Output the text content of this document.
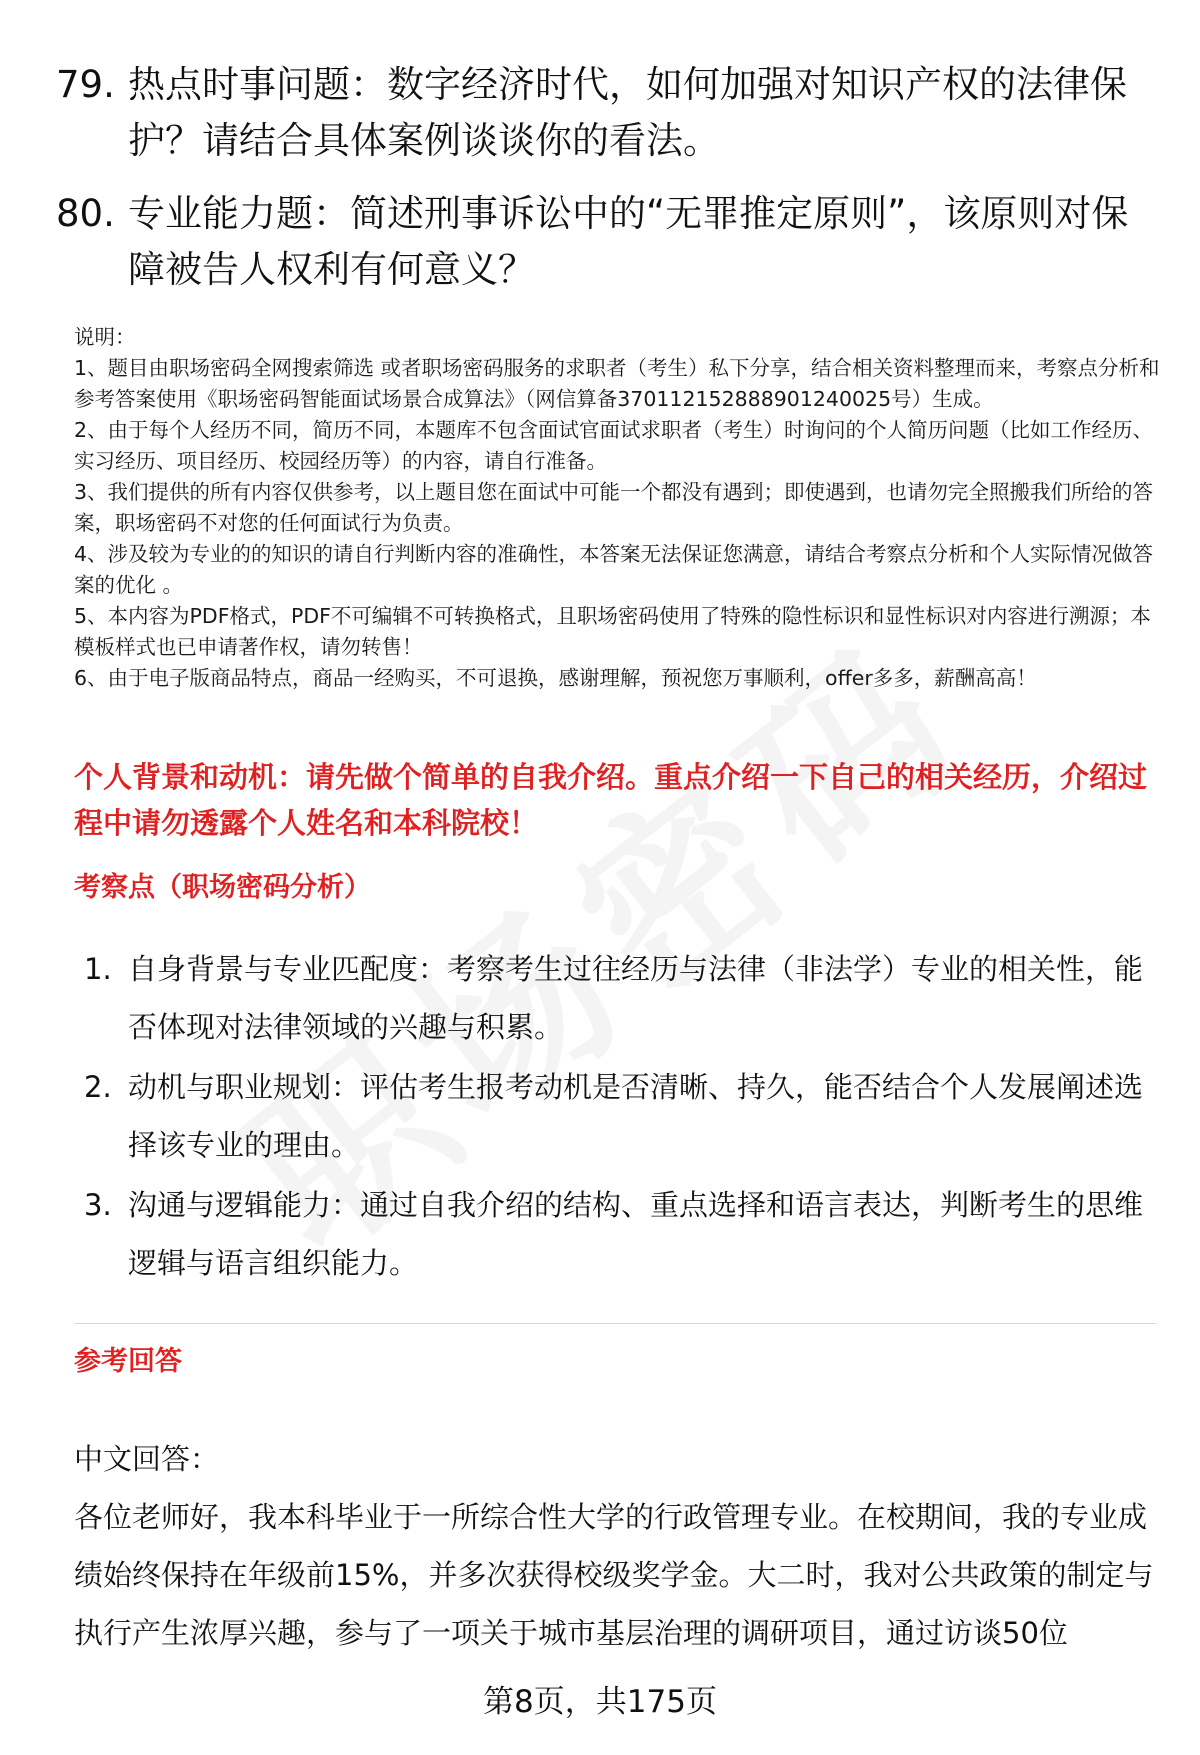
79. 热点时事问题：数字经济时代，如何加强对知识产权的法律保护？请结合具体案例谈谈你的看法。
80. 专业能力题：简述刑事诉讼中的“无罪推定原则”，该原则对保障被告人权利有何意义？

说明：

1、题目由职场密码全网搜索筛选 或者职场密码服务的求职者（考生）私下分享，结合相关资料整理而来，考察点分析和参考答案使用《职场密码智能面试场景合成算法》（网信算备370112152888901240025号）生成。

2、由于每个人经历不同，简历不同，本题库不包含面试官面试求职者（考生）时询问的个人简历问题（比如工作经历、实习经历、项目经历、校园经历等）的内容，请自行准备。

3、我们提供的所有内容仅供参考，以上题目您在面试中可能一个都没有遇到；即使遇到，也请勿完全照搬我们所给的答案，职场密码不对您的任何面试行为负责。

4、涉及较为专业的的知识的请自行判断内容的准确性，本答案无法保证您满意，请结合考察点分析和个人实际情况做答案的优化 。

5、本内容为PDF格式，PDF不可编辑不可转换格式，且职场密码使用了特殊的隐性标识和显性标识对内容进行溯源；本模板样式也已申请著作权，请勿转售！

6、由于电子版商品特点，商品一经购买，不可退换，感谢理解，预祝您万事顺利，offer多多，薪酬高高！

个人背景和动机：请先做个简单的自我介绍。重点介绍一下自己的相关经历，介绍过程中请勿透露个人姓名和本科院校！
考察点（职场密码分析）
1. 自身背景与专业匹配度：考察考生过往经历与法律（非法学）专业的相关性，能否体现对法律领域的兴趣与积累。
2. 动机与职业规划：评估考生报考动机是否清晰、持久，能否结合个人发展阐述选择该专业的理由。
3. 沟通与逻辑能力：通过自我介绍的结构、重点选择和语言表达，判断考生的思维逻辑与语言组织能力。
参考回答

中文回答：

各位老师好，我本科毕业于一所综合性大学的行政管理专业。在校期间，我的专业成绩始终保持在年级前15%，并多次获得校级奖学金。大二时，我对公共政策的制定与执行产生浓厚兴趣，参与了一项关于城市基层治理的调研项目，通过访谈50位

第8页，共175页
